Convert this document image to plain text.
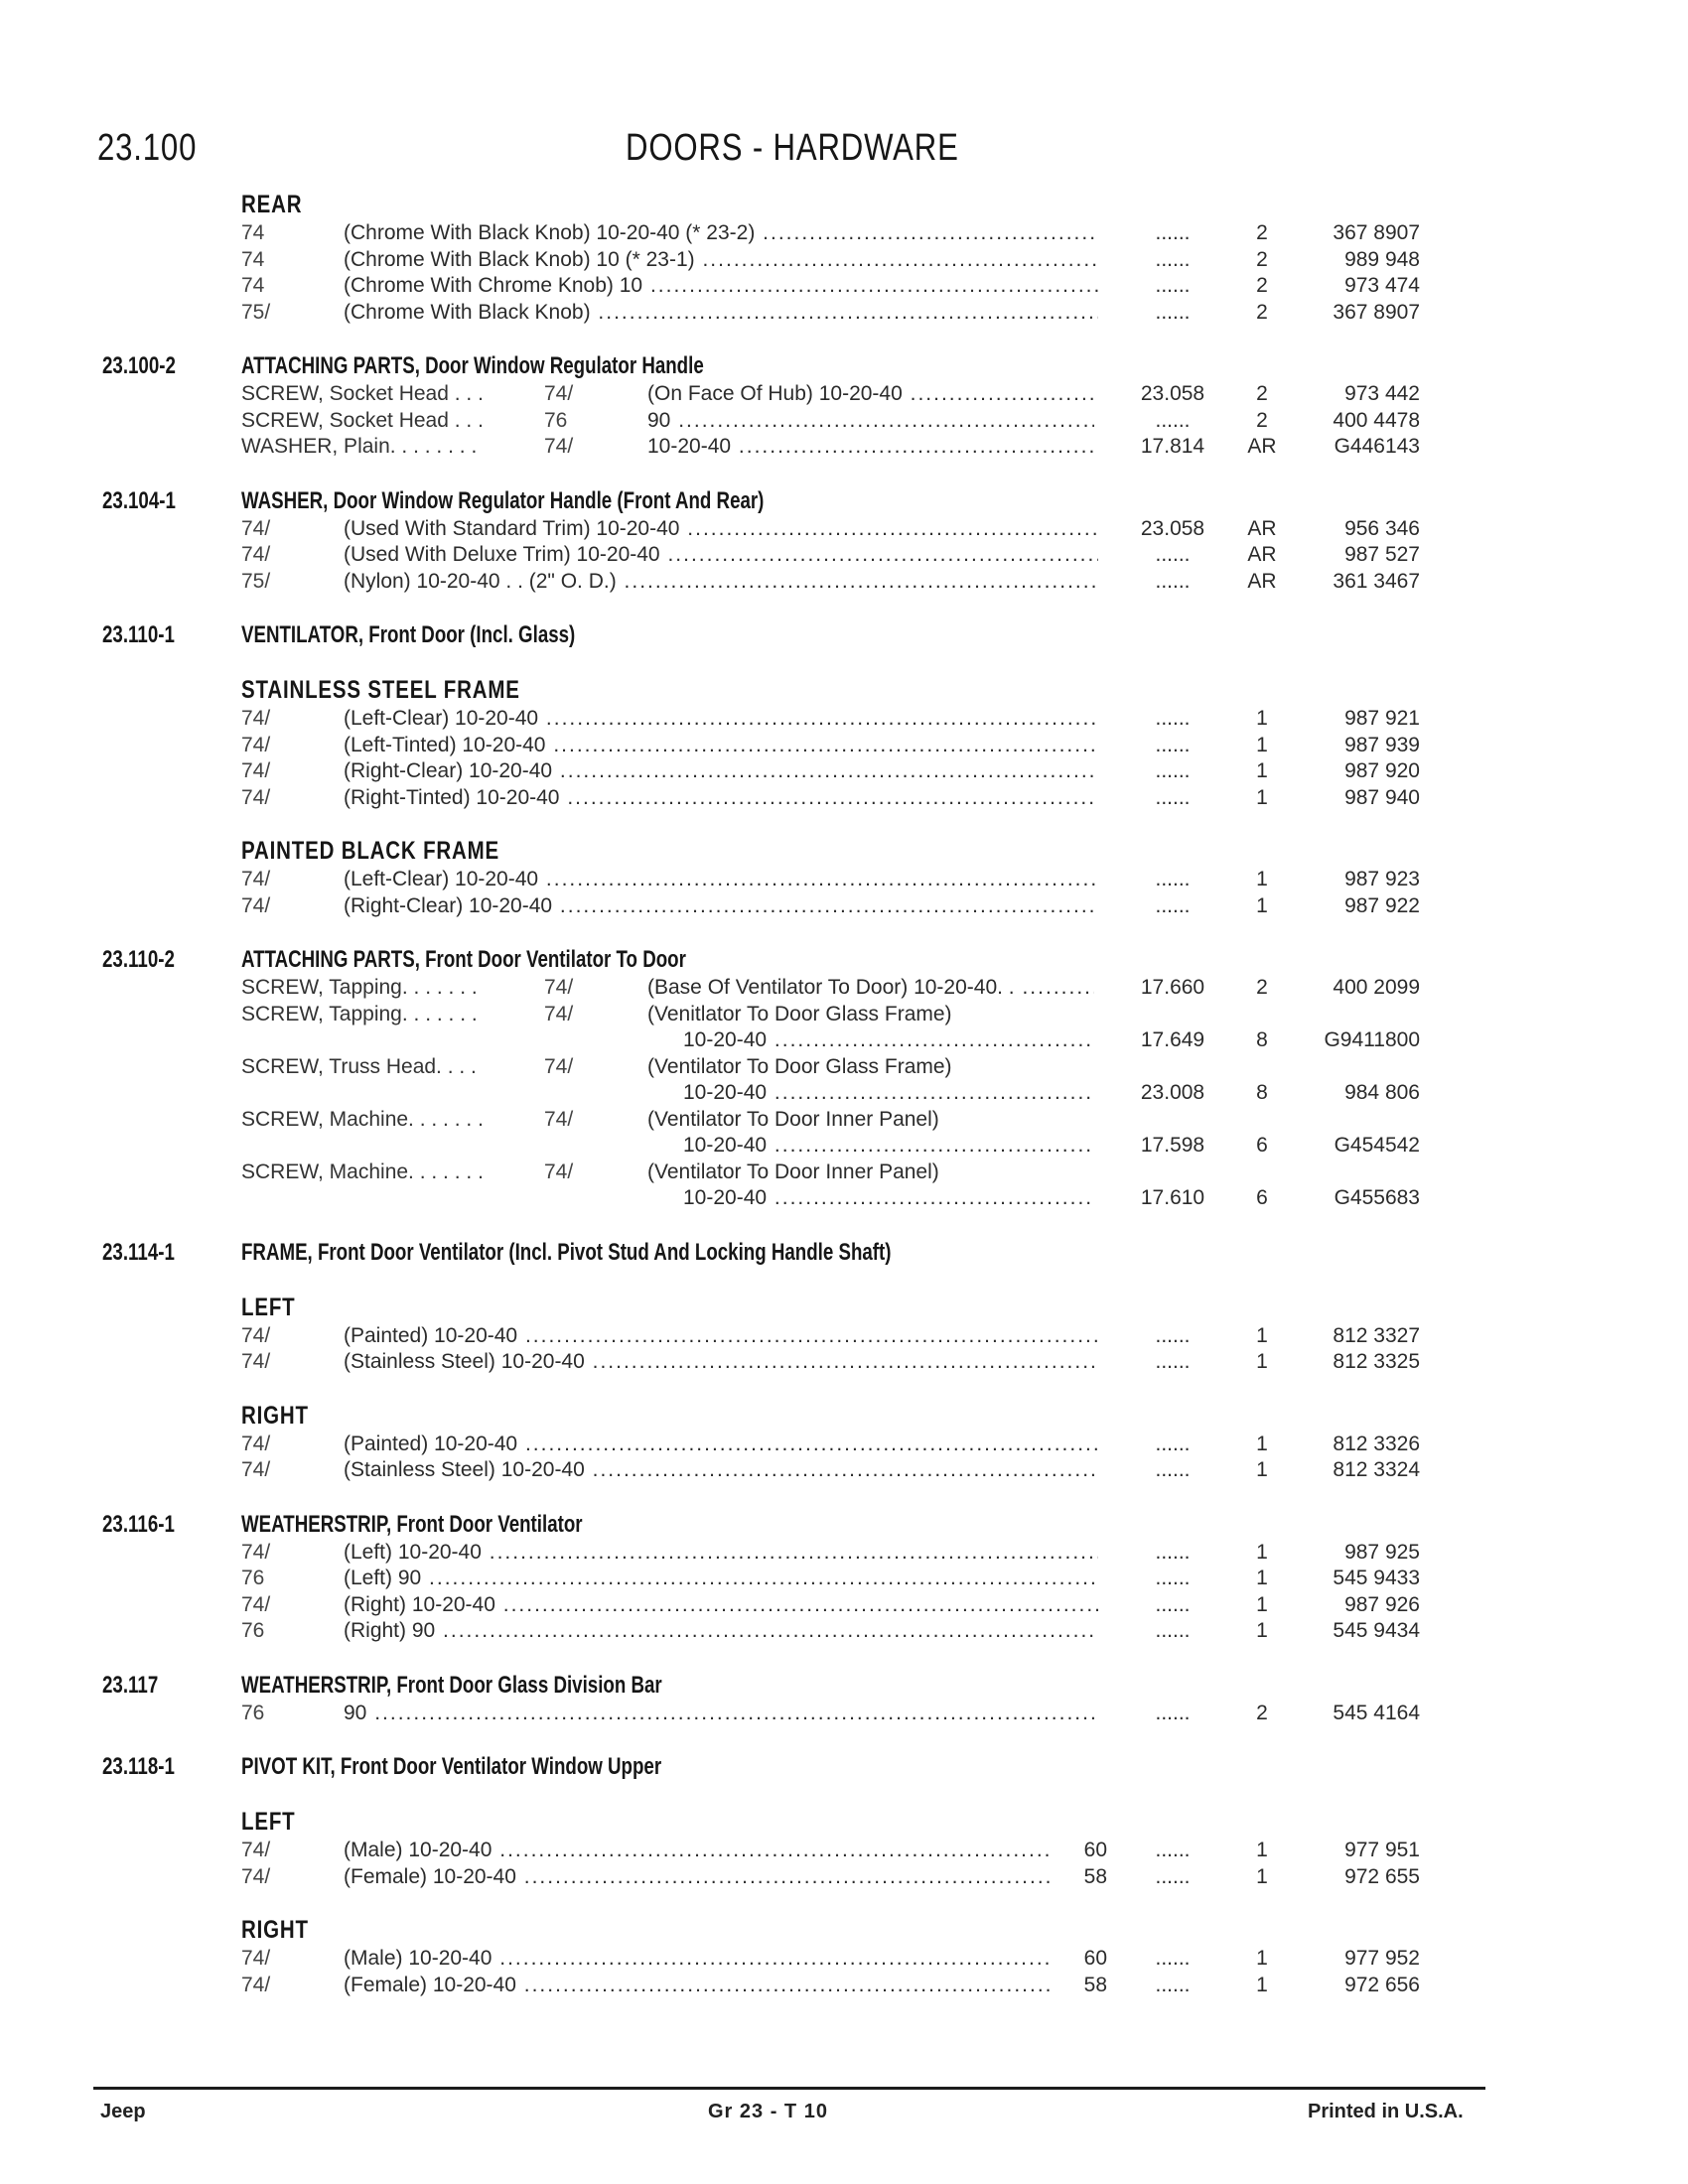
23.100	DOORS - HARDWARE
REAR
74	(Chrome With Black Knob) 10-20-40 (* 23-2) .....	......	2	367 8907
74	(Chrome With Black Knob) 10 (* 23-1) .....	......	2	989 948
74	(Chrome With Chrome Knob) 10 .....	......	2	973 474
75/	(Chrome With Black Knob) .....	......	2	367 8907
23.100-2	ATTACHING PARTS, Door Window Regulator Handle
SCREW, Socket Head . . .	74/	(On Face Of Hub) 10-20-40 .....	23.058	2	973 442
SCREW, Socket Head . . .	76	90 .....	......	2	400 4478
WASHER, Plain. . . . . . . .	74/	10-20-40 .....	17.814	AR	G446143
23.104-1	WASHER, Door Window Regulator Handle (Front And Rear)
74/	(Used With Standard Trim) 10-20-40 .....	23.058	AR	956 346
74/	(Used With Deluxe Trim) 10-20-40 .....	......	AR	987 527
75/	(Nylon) 10-20-40 . . (2" O. D.) .....	......	AR	361 3467
23.110-1	VENTILATOR, Front Door (Incl. Glass)
STAINLESS STEEL FRAME
74/	(Left-Clear) 10-20-40 .....	......	1	987 921
74/	(Left-Tinted) 10-20-40 .....	......	1	987 939
74/	(Right-Clear) 10-20-40 .....	......	1	987 920
74/	(Right-Tinted) 10-20-40 .....	......	1	987 940
PAINTED BLACK FRAME
74/	(Left-Clear) 10-20-40 .....	......	1	987 923
74/	(Right-Clear) 10-20-40 .....	......	1	987 922
23.110-2	ATTACHING PARTS, Front Door Ventilator To Door
SCREW, Tapping. . . . . . .	74/	(Base Of Ventilator To Door) 10-20-40. . .....	17.660	2	400 2099
SCREW, Tapping. . . . . . .	74/	(Venitlator To Door Glass Frame)
10-20-40 .....	17.649	8	G9411800
SCREW, Truss Head. . . .	74/	(Ventilator To Door Glass Frame)
10-20-40 .....	23.008	8	984 806
SCREW, Machine. . . . . . .	74/	(Ventilator To Door Inner Panel)
10-20-40 .....	17.598	6	G454542
SCREW, Machine. . . . . . .	74/	(Ventilator To Door Inner Panel)
10-20-40 .....	17.610	6	G455683
23.114-1	FRAME, Front Door Ventilator (Incl. Pivot Stud And Locking Handle Shaft)
LEFT
74/	(Painted) 10-20-40 .....	......	1	812 3327
74/	(Stainless Steel) 10-20-40 .....	......	1	812 3325
RIGHT
74/	(Painted) 10-20-40 .....	......	1	812 3326
74/	(Stainless Steel) 10-20-40 .....	......	1	812 3324
23.116-1	WEATHERSTRIP, Front Door Ventilator
74/	(Left) 10-20-40 .....	......	1	987 925
76	(Left) 90 .....	......	1	545 9433
74/	(Right) 10-20-40 .....	......	1	987 926
76	(Right) 90 .....	......	1	545 9434
23.117	WEATHERSTRIP, Front Door Glass Division Bar
76	90 .....	......	2	545 4164
23.118-1	PIVOT KIT, Front Door Ventilator Window Upper
LEFT
74/	(Male) 10-20-40 .....	60	......	1	977 951
74/	(Female) 10-20-40 .....	58	......	1	972 655
RIGHT
74/	(Male) 10-20-40 .....	60	......	1	977 952
74/	(Female) 10-20-40 .....	58	......	1	972 656
Jeep	Gr 23 - T 10	Printed in U.S.A.
